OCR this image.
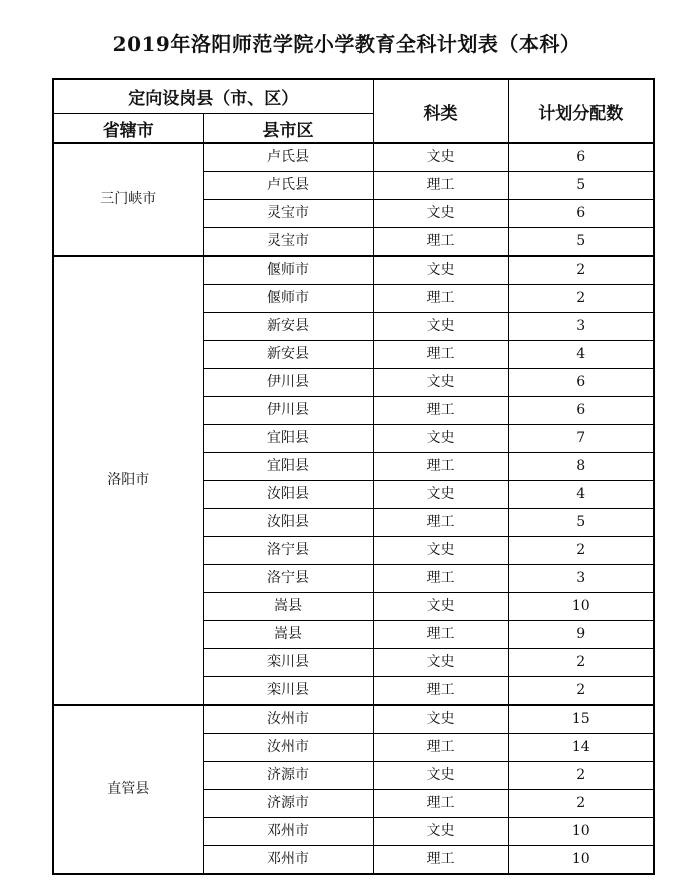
2019年洛阳师范学院小学教育全科计划表（本科）
定向设岗县（市、区）		科类	计划分配数
省辖市	县市区		
三门峡市	卢氏县	文史	6
	卢氏县	理工	5
	灵宝市	文史	6
	灵宝市	理工	5
洛阳市	偃师市	文史	2
	偃师市	理工	2
	新安县	文史	3
	新安县	理工	4
	伊川县	文史	6
	伊川县	理工	6
	宜阳县	文史	7
	宜阳县	理工	8
	汝阳县	文史	4
	汝阳县	理工	5
	洛宁县	文史	2
	洛宁县	理工	3
	嵩县	文史	10
	嵩县	理工	9
	栾川县	文史	2
	栾川县	理工	2
直管县	汝州市	文史	15
	汝州市	理工	14
	济源市	文史	2
	济源市	理工	2
	邓州市	文史	10
	邓州市	理工	10
